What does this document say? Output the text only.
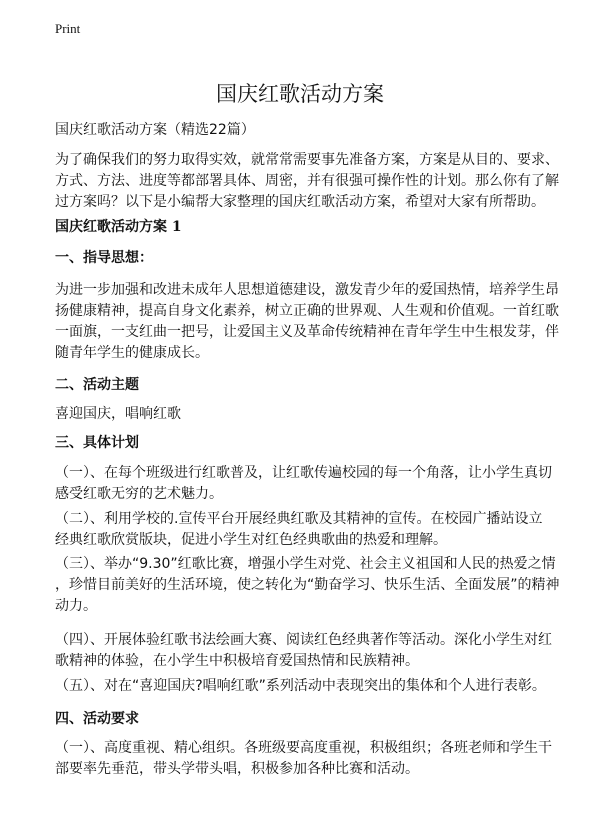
Print
国庆红歌活动方案
国庆红歌活动方案（精选22篇）
为了确保我们的努力取得实效，就常常需要事先准备方案，方案是从目的、要求、
方式、方法、进度等都部署具体、周密，并有很强可操作性的计划。那么你有了解
过方案吗？以下是小编帮大家整理的国庆红歌活动方案，希望对大家有所帮助。
国庆红歌活动方案 1
一、指导思想：
为进一步加强和改进未成年人思想道德建设，激发青少年的爱国热情，培养学生昂
扬健康精神，提高自身文化素养，树立正确的世界观、人生观和价值观。一首红歌
一面旗，一支红曲一把号，让爱国主义及革命传统精神在青年学生中生根发芽，伴
随青年学生的健康成长。
二、活动主题
喜迎国庆，唱响红歌
三、具体计划
（一）、在每个班级进行红歌普及，让红歌传遍校园的每一个角落，让小学生真切
感受红歌无穷的艺术魅力。
（二）、利用学校的.宣传平台开展经典红歌及其精神的宣传。在校园广播站设立
经典红歌欣赏版块，促进小学生对红色经典歌曲的热爱和理解。
（三）、举办“9.30”红歌比赛，增强小学生对党、社会主义祖国和人民的热爱之情
，珍惜目前美好的生活环境，使之转化为“勤奋学习、快乐生活、全面发展”的精神
动力。
（四）、开展体验红歌书法绘画大赛、阅读红色经典著作等活动。深化小学生对红
歌精神的体验，在小学生中积极培育爱国热情和民族精神。
（五）、对在“喜迎国庆?唱响红歌”系列活动中表现突出的集体和个人进行表彰。
四、活动要求
（一）、高度重视、精心组织。各班级要高度重视，积极组织；各班老师和学生干
部要率先垂范，带头学带头唱，积极参加各种比赛和活动。
